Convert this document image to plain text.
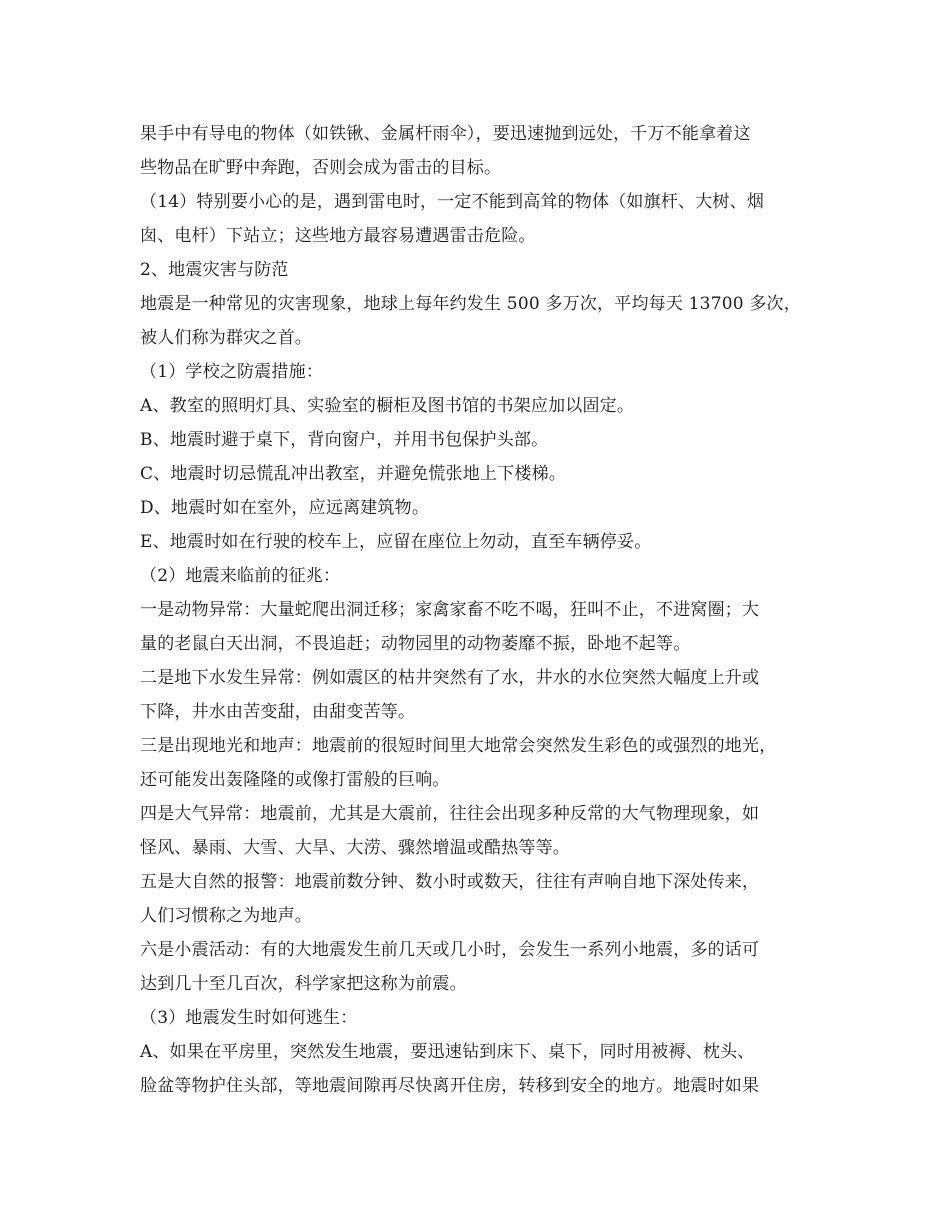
果手中有导电的物体（如铁锹、金属杆雨伞），要迅速抛到远处，千万不能拿着这
些物品在旷野中奔跑，否则会成为雷击的目标。
（14）特别要小心的是，遇到雷电时，一定不能到高耸的物体（如旗杆、大树、烟
囱、电杆）下站立；这些地方最容易遭遇雷击危险。
2、地震灾害与防范
地震是一种常见的灾害现象，地球上每年约发生 500 多万次，平均每天 13700 多次，
被人们称为群灾之首。
（1）学校之防震措施：
A、教室的照明灯具、实验室的橱柜及图书馆的书架应加以固定。
B、地震时避于桌下，背向窗户，并用书包保护头部。
C、地震时切忌慌乱冲出教室，并避免慌张地上下楼梯。
D、地震时如在室外，应远离建筑物。
E、地震时如在行驶的校车上，应留在座位上勿动，直至车辆停妥。
（2）地震来临前的征兆：
一是动物异常：大量蛇爬出洞迁移；家禽家畜不吃不喝，狂叫不止，不进窝圈；大
量的老鼠白天出洞，不畏追赶；动物园里的动物萎靡不振，卧地不起等。
二是地下水发生异常：例如震区的枯井突然有了水，井水的水位突然大幅度上升或
下降，井水由苦变甜，由甜变苦等。
三是出现地光和地声：地震前的很短时间里大地常会突然发生彩色的或强烈的地光，
还可能发出轰隆隆的或像打雷般的巨响。
四是大气异常：地震前，尤其是大震前，往往会出现多种反常的大气物理现象，如
怪风、暴雨、大雪、大旱、大涝、骤然增温或酷热等等。
五是大自然的报警：地震前数分钟、数小时或数天，往往有声响自地下深处传来，
人们习惯称之为地声。
六是小震活动：有的大地震发生前几天或几小时，会发生一系列小地震，多的话可
达到几十至几百次，科学家把这称为前震。
（3）地震发生时如何逃生：
A、如果在平房里，突然发生地震，要迅速钻到床下、桌下，同时用被褥、枕头、
脸盆等物护住头部，等地震间隙再尽快离开住房，转移到安全的地方。地震时如果
